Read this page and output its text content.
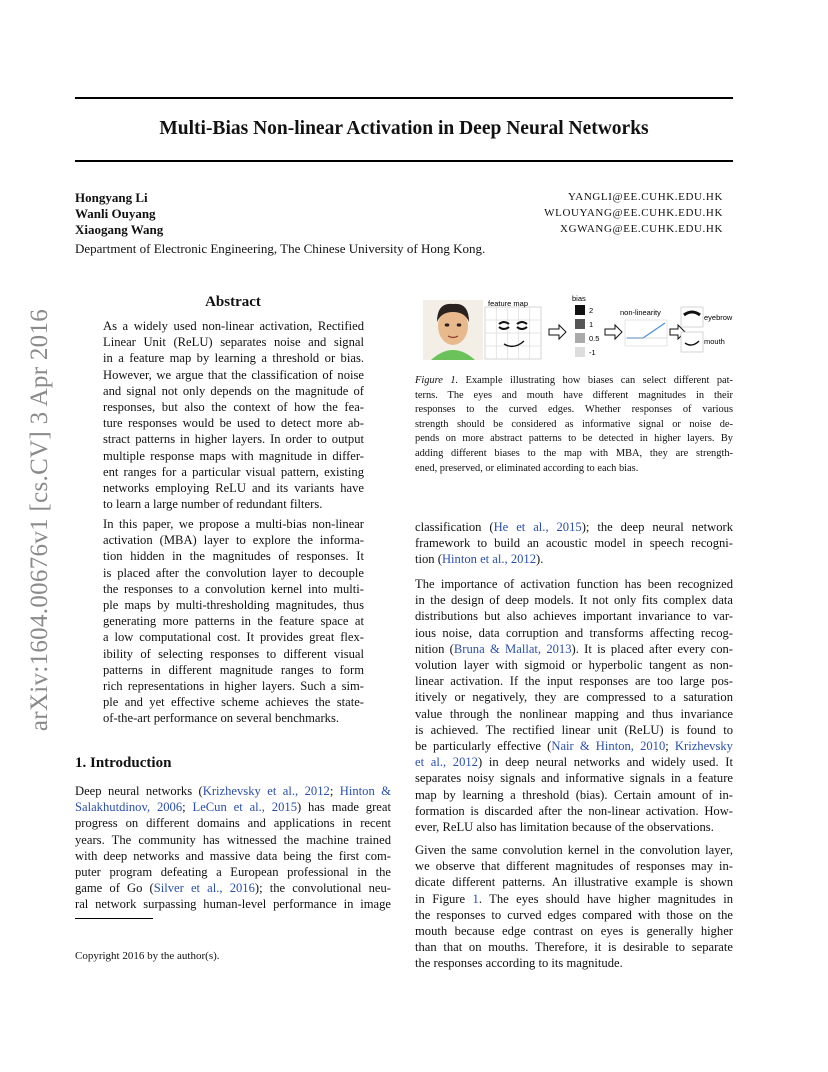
arXiv:1604.00676v1 [cs.CV] 3 Apr 2016
Multi-Bias Non-linear Activation in Deep Neural Networks
Hongyang Li
Wanli Ouyang
Xiaogang Wang
YANGLI@EE.CUHK.EDU.HK
WLOUYANG@EE.CUHK.EDU.HK
XGWANG@EE.CUHK.EDU.HK
Department of Electronic Engineering, The Chinese University of Hong Kong.
Abstract
As a widely used non-linear activation, Rectified
Linear Unit (ReLU) separates noise and signal
in a feature map by learning a threshold or bias.
However, we argue that the classification of noise
and signal not only depends on the magnitude of
responses, but also the context of how the fea-
ture responses would be used to detect more ab-
stract patterns in higher layers. In order to output
multiple response maps with magnitude in differ-
ent ranges for a particular visual pattern, existing
networks employing ReLU and its variants have
to learn a large number of redundant filters.
In this paper, we propose a multi-bias non-linear
activation (MBA) layer to explore the informa-
tion hidden in the magnitudes of responses. It
is placed after the convolution layer to decouple
the responses to a convolution kernel into multi-
ple maps by multi-thresholding magnitudes, thus
generating more patterns in the feature space at
a low computational cost. It provides great flex-
ibility of selecting responses to different visual
patterns in different magnitude ranges to form
rich representations in higher layers. Such a sim-
ple and yet effective scheme achieves the state-
of-the-art performance on several benchmarks.
1. Introduction
Deep neural networks (Krizhevsky et al., 2012; Hinton &
Salakhutdinov, 2006; LeCun et al., 2015) has made great
progress on different domains and applications in recent
years. The community has witnessed the machine trained
with deep networks and massive data being the first com-
puter program defeating a European professional in the
game of Go (Silver et al., 2016); the convolutional neu-
ral network surpassing human-level performance in image
Copyright 2016 by the author(s).
feature map
bias
2
1
0.5
-1
non-linearity
eyebrow
mouth
Figure 1. Example illustrating how biases can select different pat-
terns. The eyes and mouth have different magnitudes in their
responses to the curved edges. Whether responses of various
strength should be considered as informative signal or noise de-
pends on more abstract patterns to be detected in higher layers. By
adding different biases to the map with MBA, they are strength-
ened, preserved, or eliminated according to each bias.
classification (He et al., 2015); the deep neural network
framework to build an acoustic model in speech recogni-
tion (Hinton et al., 2012).
The importance of activation function has been recognized
in the design of deep models. It not only fits complex data
distributions but also achieves important invariance to var-
ious noise, data corruption and transforms affecting recog-
nition (Bruna & Mallat, 2013). It is placed after every con-
volution layer with sigmoid or hyperbolic tangent as non-
linear activation. If the input responses are too large pos-
itively or negatively, they are compressed to a saturation
value through the nonlinear mapping and thus invariance
is achieved. The rectified linear unit (ReLU) is found to
be particularly effective (Nair & Hinton, 2010; Krizhevsky
et al., 2012) in deep neural networks and widely used. It
separates noisy signals and informative signals in a feature
map by learning a threshold (bias). Certain amount of in-
formation is discarded after the non-linear activation. How-
ever, ReLU also has limitation because of the observations.
Given the same convolution kernel in the convolution layer,
we observe that different magnitudes of responses may in-
dicate different patterns. An illustrative example is shown
in Figure 1. The eyes should have higher magnitudes in
the responses to curved edges compared with those on the
mouth because edge contrast on eyes is generally higher
than that on mouths. Therefore, it is desirable to separate
the responses according to its magnitude.
